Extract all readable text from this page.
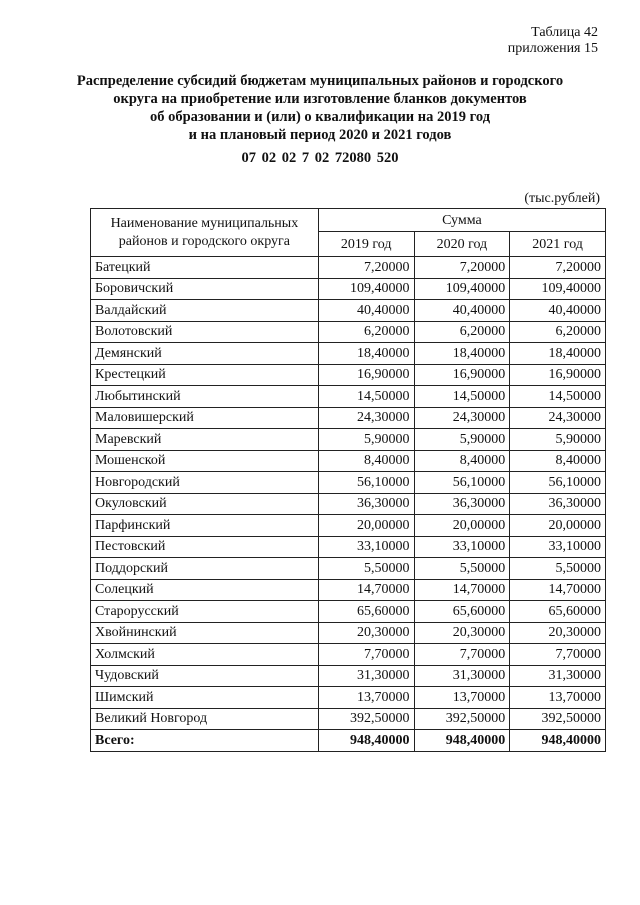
Таблица 42
приложения 15
Распределение субсидий бюджетам муниципальных районов и городского
округа на приобретение или изготовление бланков документов
об образовании и (или) о квалификации на 2019 год
и на плановый период 2020 и 2021 годов
07 02 02 7 02 72080 520
(тыс.рублей)
Наименование муниципальных районов и городского округа	Сумма		
	2019 год	2020 год	2021 год
Батецкий	7,20000	7,20000	7,20000
Боровичский	109,40000	109,40000	109,40000
Валдайский	40,40000	40,40000	40,40000
Волотовский	6,20000	6,20000	6,20000
Демянский	18,40000	18,40000	18,40000
Крестецкий	16,90000	16,90000	16,90000
Любытинский	14,50000	14,50000	14,50000
Маловишерский	24,30000	24,30000	24,30000
Маревский	5,90000	5,90000	5,90000
Мошенской	8,40000	8,40000	8,40000
Новгородский	56,10000	56,10000	56,10000
Окуловский	36,30000	36,30000	36,30000
Парфинский	20,00000	20,00000	20,00000
Пестовский	33,10000	33,10000	33,10000
Поддорский	5,50000	5,50000	5,50000
Солецкий	14,70000	14,70000	14,70000
Старорусский	65,60000	65,60000	65,60000
Хвойнинский	20,30000	20,30000	20,30000
Холмский	7,70000	7,70000	7,70000
Чудовский	31,30000	31,30000	31,30000
Шимский	13,70000	13,70000	13,70000
Великий Новгород	392,50000	392,50000	392,50000
Всего:	948,40000	948,40000	948,40000
